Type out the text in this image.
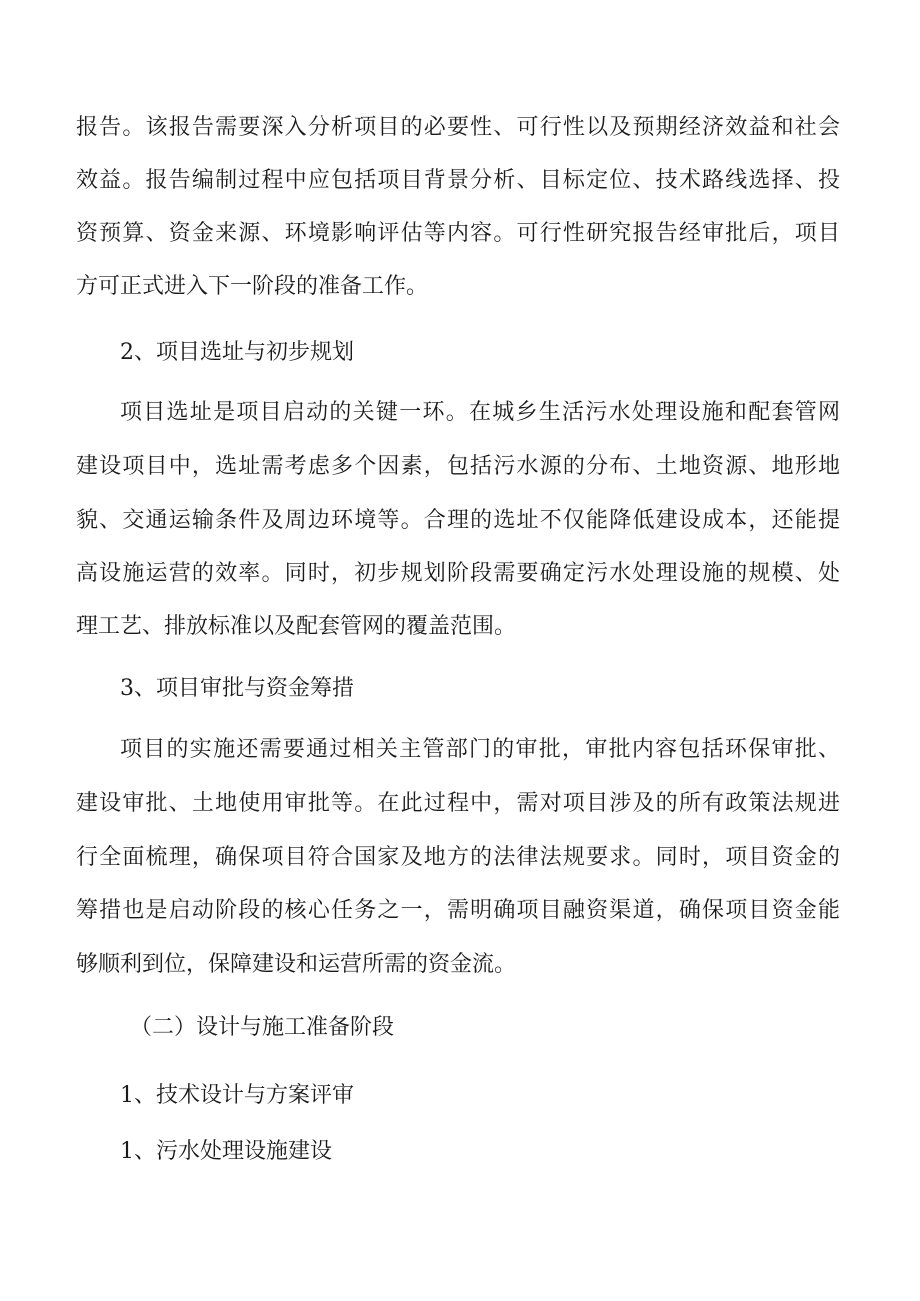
报告。该报告需要深入分析项目的必要性、可行性以及预期经济效益和社会

效益。报告编制过程中应包括项目背景分析、目标定位、技术路线选择、投

资预算、资金来源、环境影响评估等内容。可行性研究报告经审批后，项目

方可正式进入下一阶段的准备工作。

2、项目选址与初步规划

项目选址是项目启动的关键一环。在城乡生活污水处理设施和配套管网

建设项目中，选址需考虑多个因素，包括污水源的分布、土地资源、地形地

貌、交通运输条件及周边环境等。合理的选址不仅能降低建设成本，还能提

高设施运营的效率。同时，初步规划阶段需要确定污水处理设施的规模、处

理工艺、排放标准以及配套管网的覆盖范围。

3、项目审批与资金筹措

项目的实施还需要通过相关主管部门的审批，审批内容包括环保审批、

建设审批、土地使用审批等。在此过程中，需对项目涉及的所有政策法规进

行全面梳理，确保项目符合国家及地方的法律法规要求。同时，项目资金的

筹措也是启动阶段的核心任务之一，需明确项目融资渠道，确保项目资金能

够顺利到位，保障建设和运营所需的资金流。

（二）设计与施工准备阶段

1、技术设计与方案评审

1、污水处理设施建设
